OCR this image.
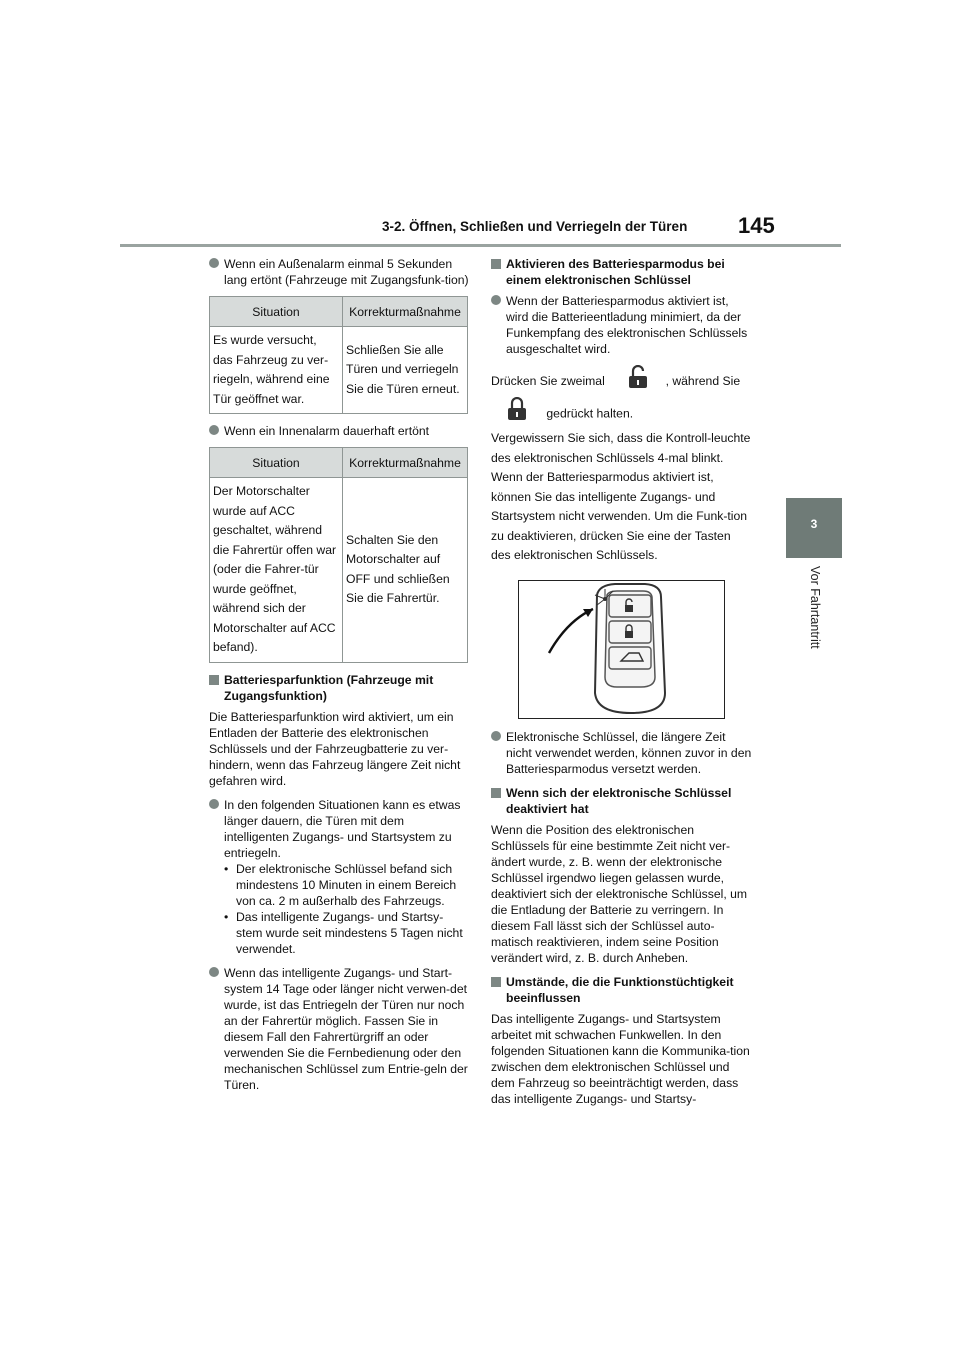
3-2. Öffnen, Schließen und Verriegeln der Türen 145
3
Vor Fahrtantritt
Wenn ein Außenalarm einmal 5 Sekunden lang ertönt (Fahrzeuge mit Zugangsfunk-tion)
Situation	Korrekturmaßnahme
Es wurde versucht, das Fahrzeug zu ver-riegeln, während eine Tür geöffnet war.	Schließen Sie alle Türen und verriegeln Sie die Türen erneut.
Wenn ein Innenalarm dauerhaft ertönt
Situation	Korrekturmaßnahme
Der Motorschalter wurde auf ACC geschaltet, während die Fahrertür offen war (oder die Fahrer-tür wurde geöffnet, während sich der Motorschalter auf ACC befand).	Schalten Sie den Motorschalter auf OFF und schließen Sie die Fahrertür.
Batteriesparfunktion (Fahrzeuge mit Zugangsfunktion)

Die Batteriesparfunktion wird aktiviert, um ein Entladen der Batterie des elektronischen Schlüssels und der Fahrzeugbatterie zu ver-hindern, wenn das Fahrzeug längere Zeit nicht gefahren wird.

In den folgenden Situationen kann es etwas länger dauern, die Türen mit dem intelligenten Zugangs- und Startsystem zu entriegeln.
• Der elektronische Schlüssel befand sich mindestens 10 Minuten in einem Bereich von ca. 2 m außerhalb des Fahrzeugs.
• Das intelligente Zugangs- und Startsy-stem wurde seit mindestens 5 Tagen nicht verwendet.
Wenn das intelligente Zugangs- und Start-system 14 Tage oder länger nicht verwen-det wurde, ist das Entriegeln der Türen nur noch an der Fahrertür möglich. Fassen Sie in diesem Fall den Fahrertürgriff an oder verwenden Sie die Fernbedienung oder den mechanischen Schlüssel zum Entrie-geln der Türen.
Aktivieren des Batteriesparmodus bei einem elektronischen Schlüssel
Wenn der Batteriesparmodus aktiviert ist, wird die Batterieentladung minimiert, da der Funkempfang des elektronischen Schlüssels ausgeschaltet wird.
Drücken Sie zweimal	, während Sie
gedrückt halten.

Vergewissern Sie sich, dass die Kontroll-leuchte des elektronischen Schlüssels 4-mal blinkt.

Wenn der Batteriesparmodus aktiviert ist, können Sie das intelligente Zugangs- und Startsystem nicht verwenden. Um die Funk-tion zu deaktivieren, drücken Sie eine der Tasten des elektronischen Schlüssels.

Elektronische Schlüssel, die längere Zeit nicht verwendet werden, können zuvor in den Batteriesparmodus versetzt werden.
Wenn sich der elektronische Schlüssel deaktiviert hat

Wenn die Position des elektronischen Schlüssels für eine bestimmte Zeit nicht ver-ändert wurde, z. B. wenn der elektronische Schlüssel irgendwo liegen gelassen wurde, deaktiviert sich der elektronische Schlüssel, um die Entladung der Batterie zu verringern. In diesem Fall lässt sich der Schlüssel auto-matisch reaktivieren, indem seine Position verändert wird, z. B. durch Anheben.

Umstände, die die Funktionstüchtigkeit beeinflussen

Das intelligente Zugangs- und Startsystem arbeitet mit schwachen Funkwellen. In den folgenden Situationen kann die Kommunika-tion zwischen dem elektronischen Schlüssel und dem Fahrzeug so beeinträchtigt werden, dass das intelligente Zugangs- und Startsy-
